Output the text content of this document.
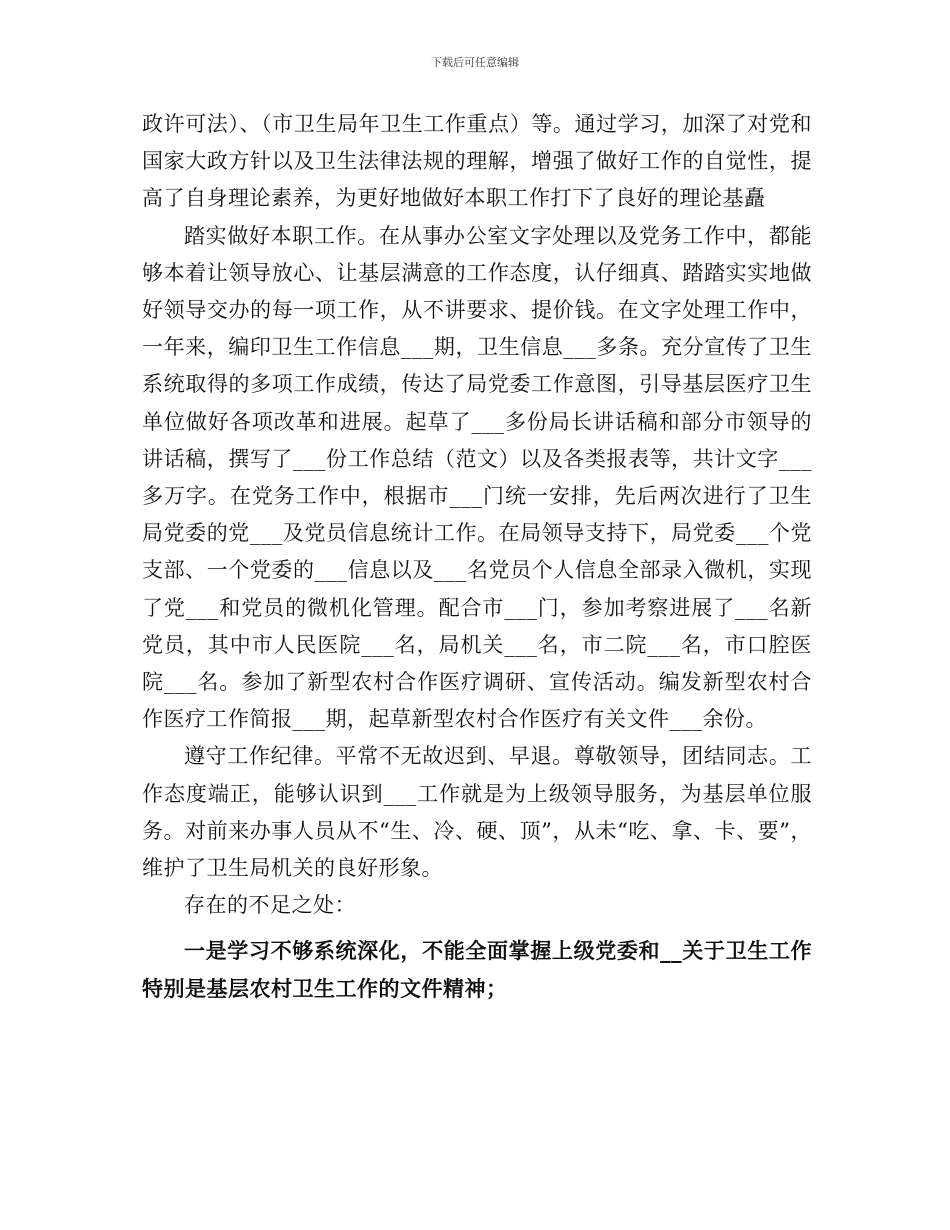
下载后可任意编辑

政许可法）、（市卫生局年卫生工作重点）等。通过学习，加深了对党和国家大政方针以及卫生法律法规的理解，增强了做好工作的自觉性，提高了自身理论素养，为更好地做好本职工作打下了良好的理论基矗

踏实做好本职工作。在从事办公室文字处理以及党务工作中，都能够本着让领导放心、让基层满意的工作态度，认仔细真、踏踏实实地做好领导交办的每一项工作，从不讲要求、提价钱。在文字处理工作中，一年来，编印卫生工作信息___期，卫生信息___多条。充分宣传了卫生系统取得的多项工作成绩，传达了局党委工作意图，引导基层医疗卫生单位做好各项改革和进展。起草了___多份局长讲话稿和部分市领导的讲话稿，撰写了___份工作总结（范文）以及各类报表等，共计文字___多万字。在党务工作中，根据市___门统一安排，先后两次进行了卫生局党委的党___及党员信息统计工作。在局领导支持下，局党委___个党支部、一个党委的___信息以及___名党员个人信息全部录入微机，实现了党___和党员的微机化管理。配合市___门，参加考察进展了___名新党员，其中市人民医院___名，局机关___名，市二院___名，市口腔医院___名。参加了新型农村合作医疗调研、宣传活动。编发新型农村合作医疗工作简报___期，起草新型农村合作医疗有关文件___余份。

遵守工作纪律。平常不无故迟到、早退。尊敬领导，团结同志。工作态度端正，能够认识到___工作就是为上级领导服务，为基层单位服务。对前来办事人员从不“生、冷、硬、顶”，从未“吃、拿、卡、要”，维护了卫生局机关的良好形象。

存在的不足之处：

一是学习不够系统深化，不能全面掌握上级党委和__关于卫生工作特别是基层农村卫生工作的文件精神；
